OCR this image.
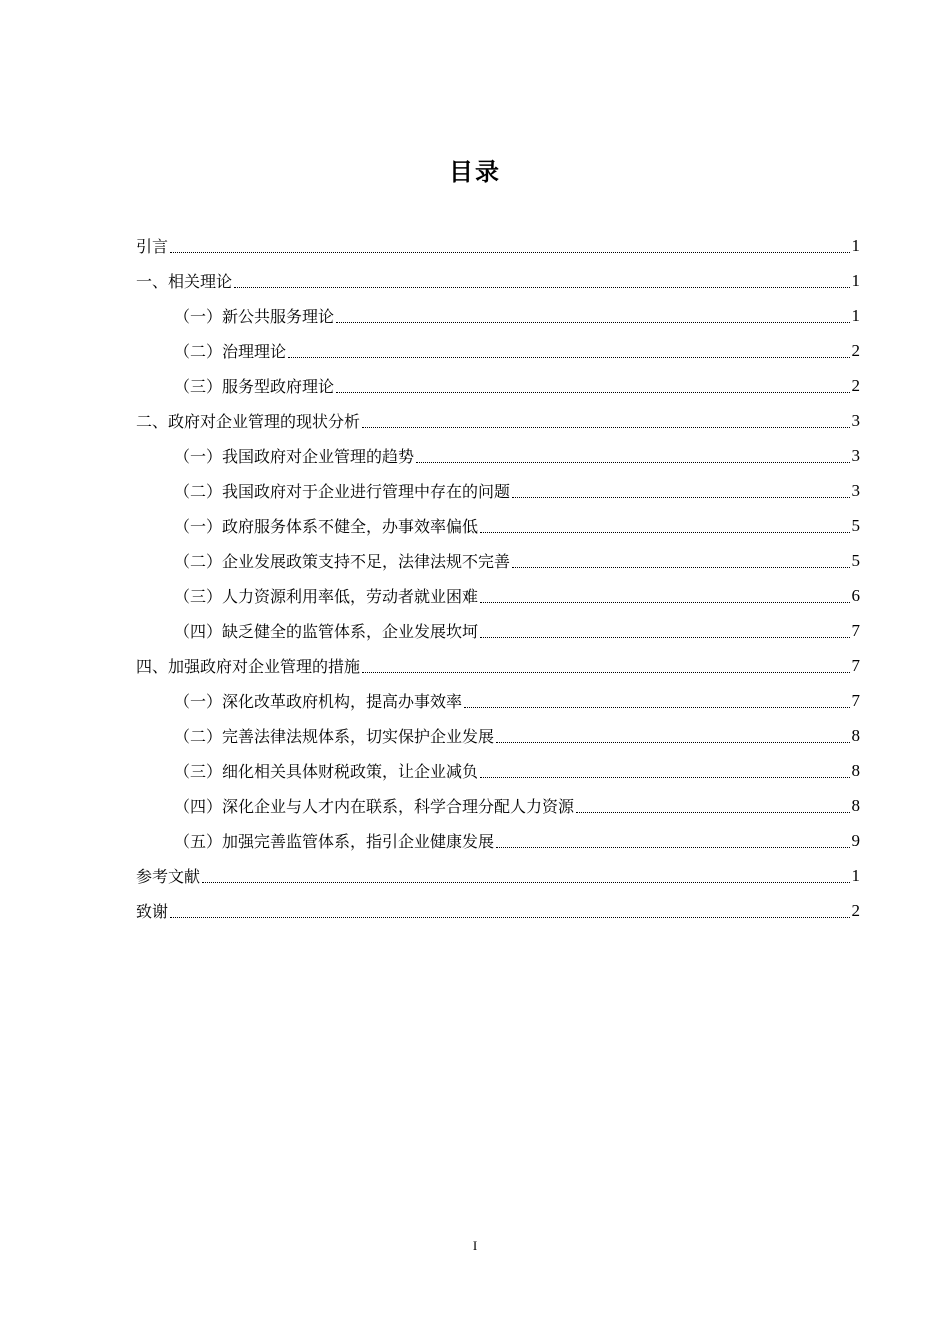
目录
引言	1
一、相关理论	1
（一）新公共服务理论	1
（二）治理理论	2
（三）服务型政府理论	2
二、政府对企业管理的现状分析	3
（一）我国政府对企业管理的趋势	3
（二）我国政府对于企业进行管理中存在的问题	3
（一）政府服务体系不健全，办事效率偏低	5
（二）企业发展政策支持不足，法律法规不完善	5
（三）人力资源利用率低，劳动者就业困难	6
（四）缺乏健全的监管体系，企业发展坎坷	7
四、加强政府对企业管理的措施	7
（一）深化改革政府机构，提高办事效率	7
（二）完善法律法规体系，切实保护企业发展	8
（三）细化相关具体财税政策，让企业减负	8
（四）深化企业与人才内在联系，科学合理分配人力资源	8
（五）加强完善监管体系，指引企业健康发展	9
参考文献	1
致谢	2
I
